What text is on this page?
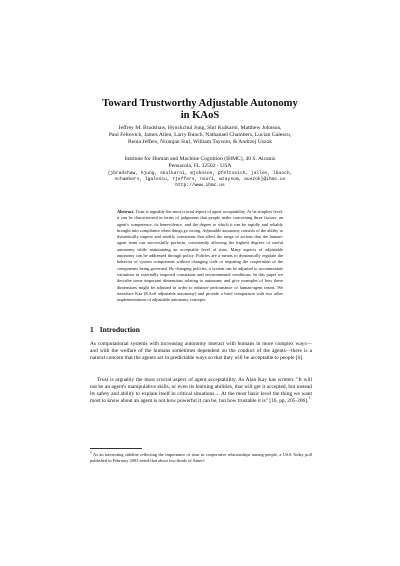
Toward Trustworthy Adjustable Autonomy
in KAoS
Jeffrey M. Bradshaw, Hyuckchul Jung, Shri Kulkarni, Matthew Johnson,
Paul Feltovich, James Allen, Larry Bunch, Nathanael Chambers, Lucian Galescu,
Renia Jeffers, Niranjan Suri, William Taysom, & Andrzej Uszok
Institute for Human and Machine Cognition (IHMC), 40 S. Alcaniz
Pensacola, FL 32502 - USA
{jbradshaw, hjung, skulkarni, mjohnson, pfeltovich, jallen, lbunch,
nchambers, lgalescu, rjeffers, nsuri, wtaysom, auszok}@ihmc.us
http://www.ihmc.us
Abstract. Trust is arguably the most crucial aspect of agent acceptability. At its simplest level, it can be characterized in terms of judgments that people make concerning three factors: an agent's competence, its benevolence, and the degree to which it can be rapidly and reliably brought into compliance when things go wrong. Adjustable autonomy consists of the ability to dynamically impose and modify constraints that affect the range of actions that the human-agent team can successfully perform, consistently allowing the highest degrees of useful autonomy while maintaining an acceptable level of trust. Many aspects of adjustable autonomy can be addressed through policy. Policies are a means to dynamically regulate the behavior of system components without changing code or requiring the cooperation of the components being governed. By changing policies, a system can be adjusted to accommodate variations in externally imposed constraints and environmental conditions. In this paper we describe some important dimensions relating to autonomy and give examples of how these dimensions might be adjusted in order to enhance performance of human-agent teams. We introduce Kaa (KAoS adjustable autonomy) and provide a brief comparison with two other implementations of adjustable autonomy concepts.
1 Introduction

As computational systems with increasing autonomy interact with humans in more complex ways—and with the welfare of the humans sometimes dependent on the conduct of the agents—there is a natural concern that the agents act in predictable ways so that they will be acceptable to people [6].

Trust is arguably the most crucial aspect of agent acceptability. As Alan Kay has written: "It will not be an agent's manipulative skills, or even its learning abilities, that will get it accepted, but instead its safety and ability to explain itself in critical situations.... At the most basic level the thing we want most to know about an agent is not how powerful it can be, but how trustable it is" [16, pp. 205-206].$^1$

$^1$ As an interesting sideline reflecting the importance of trust in cooperative relationships among people, a USA Today poll published in February 2003 noted that about two-thirds of Ameri-
